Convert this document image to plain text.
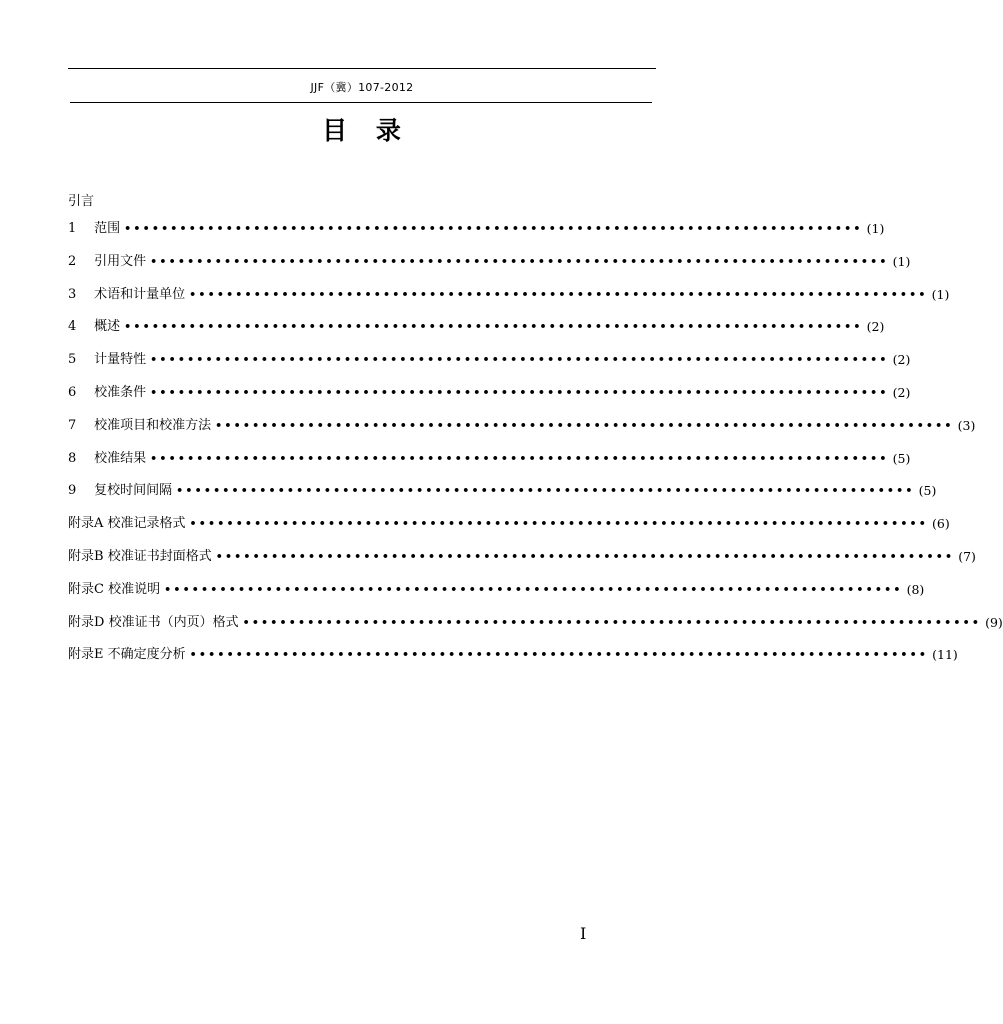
JJF（冀）107-2012
目 录
引言
1 范围 •••••••••••••••••••••••••••••••••••••••••••••••••••••••••••••••••••••••••••••••• (1)
2 引用文件 •••••••••••••••••••••••••••••••••••••••••••••••••••••••••••••••••••••••••••••••• (1)
3 术语和计量单位 •••••••••••••••••••••••••••••••••••••••••••••••••••••••••••••••••••••••••••••••• (1)
4 概述 •••••••••••••••••••••••••••••••••••••••••••••••••••••••••••••••••••••••••••••••• (2)
5 计量特性 •••••••••••••••••••••••••••••••••••••••••••••••••••••••••••••••••••••••••••••••• (2)
6 校准条件 •••••••••••••••••••••••••••••••••••••••••••••••••••••••••••••••••••••••••••••••• (2)
7 校准项目和校准方法 •••••••••••••••••••••••••••••••••••••••••••••••••••••••••••••••••••••••••••••••• (3)
8 校准结果 •••••••••••••••••••••••••••••••••••••••••••••••••••••••••••••••••••••••••••••••• (5)
9 复校时间间隔 •••••••••••••••••••••••••••••••••••••••••••••••••••••••••••••••••••••••••••••••• (5)
附录A 校准记录格式 •••••••••••••••••••••••••••••••••••••••••••••••••••••••••••••••••••••••••••••••• (6)
附录B 校准证书封面格式 •••••••••••••••••••••••••••••••••••••••••••••••••••••••••••••••••••••••••••••••• (7)
附录C 校准说明 •••••••••••••••••••••••••••••••••••••••••••••••••••••••••••••••••••••••••••••••• (8)
附录D 校准证书（内页）格式 •••••••••••••••••••••••••••••••••••••••••••••••••••••••••••••••••••••••••••••••• (9)
附录E 不确定度分析 •••••••••••••••••••••••••••••••••••••••••••••••••••••••••••••••••••••••••••••••• (11)
I
